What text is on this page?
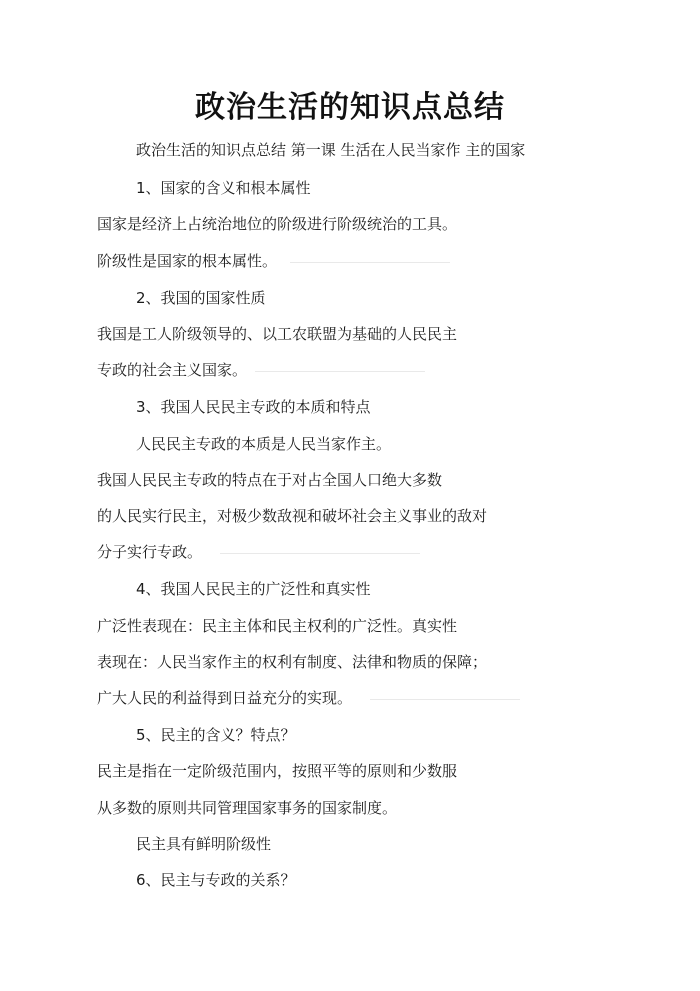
政治生活的知识点总结
政治生活的知识点总结 第一课 生活在人民当家作 主的国家
1、国家的含义和根本属性
国家是经济上占统治地位的阶级进行阶级统治的工具。
阶级性是国家的根本属性。
2、我国的国家性质
我国是工人阶级领导的、以工农联盟为基础的人民民主
专政的社会主义国家。
3、我国人民民主专政的本质和特点
人民民主专政的本质是人民当家作主。
我国人民民主专政的特点在于对占全国人口绝大多数
的人民实行民主，对极少数敌视和破坏社会主义事业的敌对
分子实行专政。
4、我国人民民主的广泛性和真实性
广泛性表现在：民主主体和民主权利的广泛性。真实性
表现在：人民当家作主的权利有制度、法律和物质的保障；
广大人民的利益得到日益充分的实现。
5、民主的含义？特点？
民主是指在一定阶级范围内，按照平等的原则和少数服
从多数的原则共同管理国家事务的国家制度。
民主具有鲜明阶级性
6、民主与专政的关系？
